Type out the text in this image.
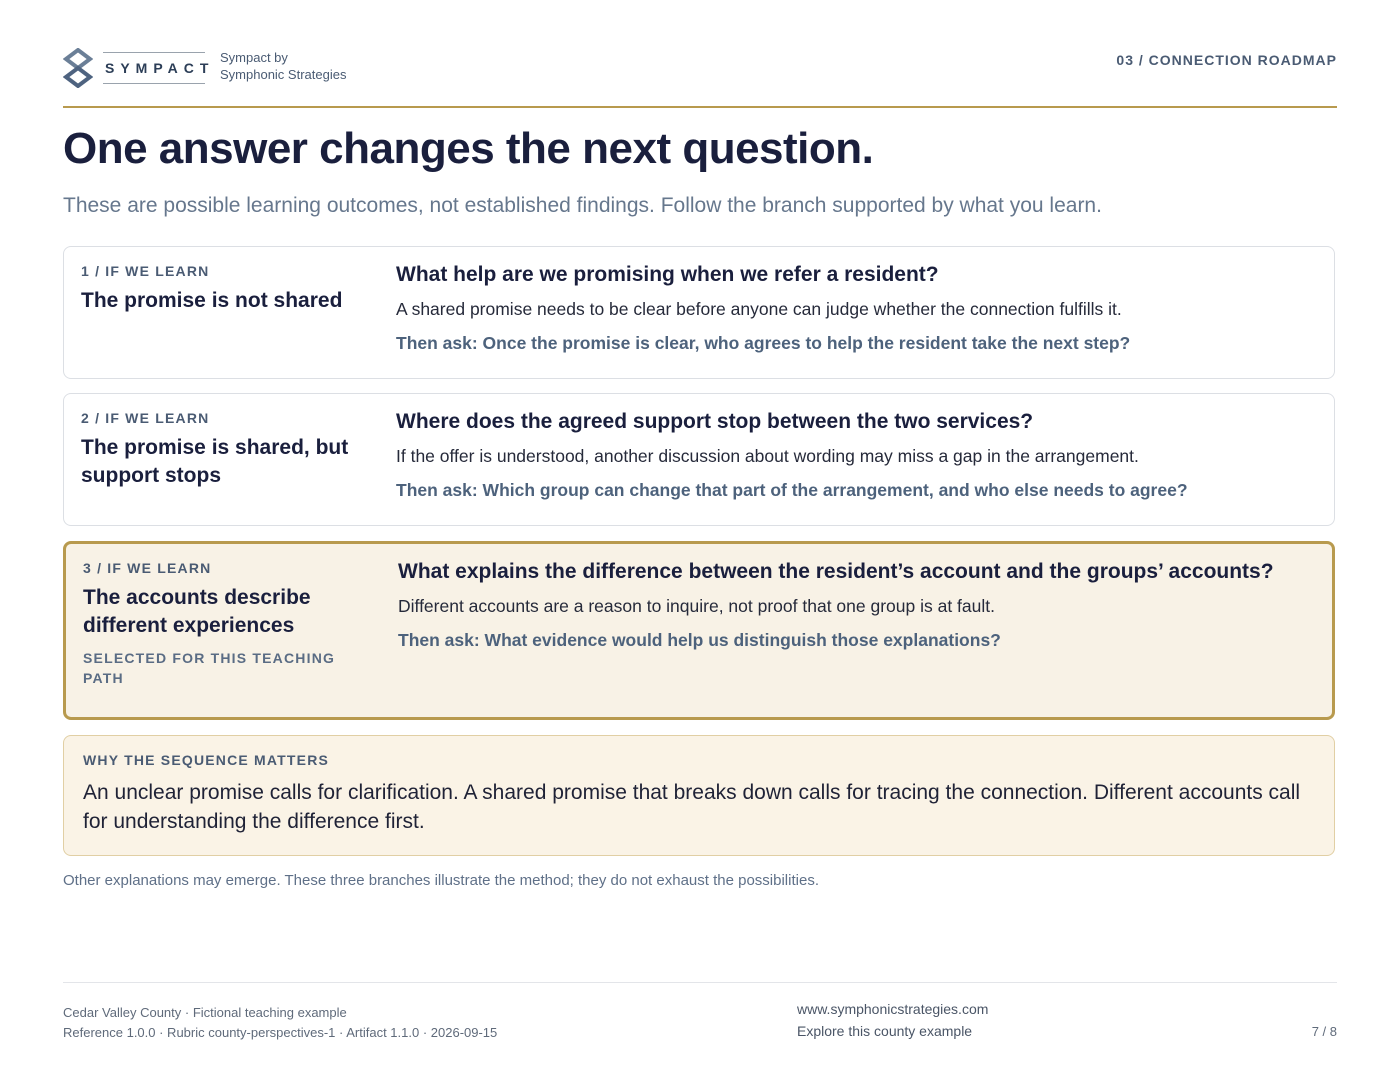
SYMPACT
Sympact by
Symphonic Strategies
03 / CONNECTION ROADMAP
One answer changes the next question.

These are possible learning outcomes, not established findings. Follow the branch supported by what you learn.

1 / IF WE LEARN
The promise is not shared
What help are we promising when we refer a resident?
A shared promise needs to be clear before anyone can judge whether the connection fulfills it.
Then ask: Once the promise is clear, who agrees to help the resident take the next step?
2 / IF WE LEARN
The promise is shared, but support stops
Where does the agreed support stop between the two services?
If the offer is understood, another discussion about wording may miss a gap in the arrangement.
Then ask: Which group can change that part of the arrangement, and who else needs to agree?
3 / IF WE LEARN
The accounts describe different experiences
SELECTED FOR THIS TEACHING PATH
What explains the difference between the resident’s account and the groups’ accounts?
Different accounts are a reason to inquire, not proof that one group is at fault.
Then ask: What evidence would help us distinguish those explanations?
WHY THE SEQUENCE MATTERS
An unclear promise calls for clarification. A shared promise that breaks down calls for tracing the connection. Different accounts call for understanding the difference first.
Other explanations may emerge. These three branches illustrate the method; they do not exhaust the possibilities.
Cedar Valley County · Fictional teaching example
Reference 1.0.0 · Rubric county-perspectives-1 · Artifact 1.1.0 · 2026-09-15
www.symphonicstrategies.com
Explore this county example	7 / 8
